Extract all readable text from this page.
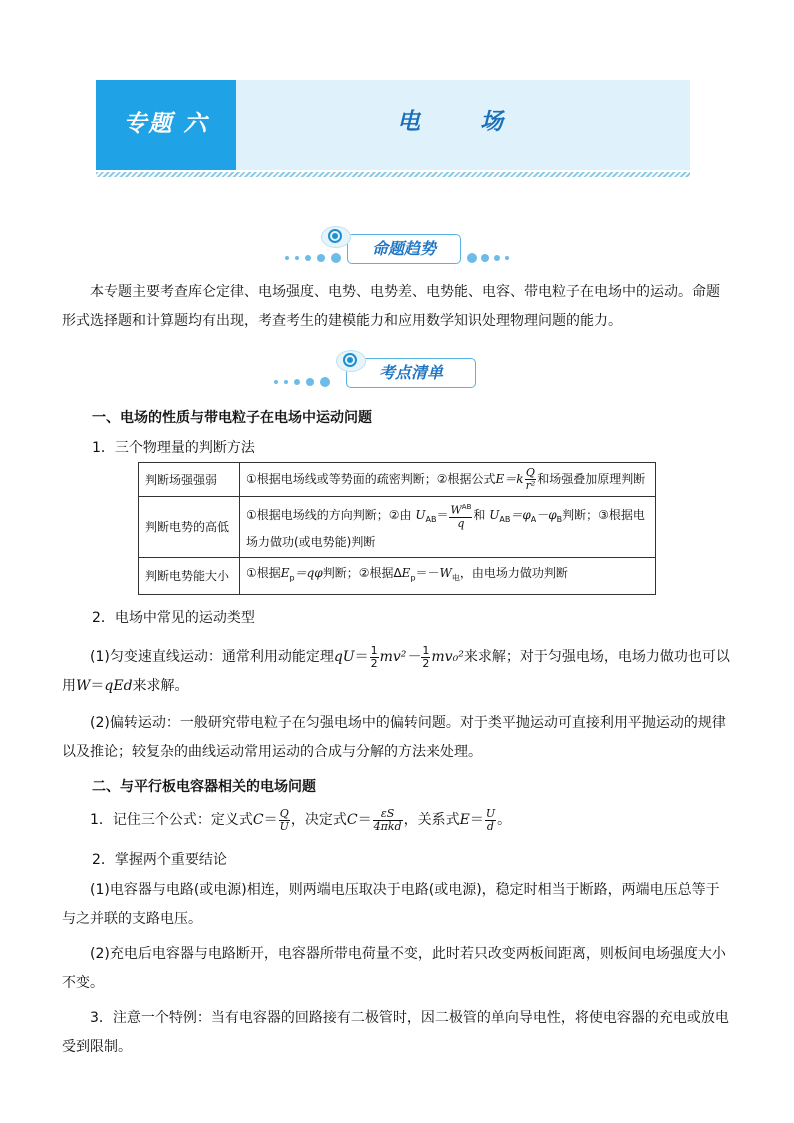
专题 六	电 场
命题趋势

本专题主要考查库仑定律、电场强度、电势、电势差、电势能、电容、带电粒子在电场中的运动。命题形式选择题和计算题均有出现，考查考生的建模能力和应用数学知识处理物理问题的能力。

考点清单
一、电场的性质与带电粒子在电场中运动问题
1．三个物理量的判断方法
判断场强强弱	①根据电场线或等势面的疏密判断；②根据公式$E=k \frac{Q}{\text{r²}}$ 和场强叠加原理判断
判断电势的高低	①根据电场线的方向判断；②由 $U_{AB}= \frac{W^{AB}}{q}$ 和 $U_{AB}=\varphi_A-\varphi_B$判断；③根据电场力做功(或电势能)判断
判断电势能大小	①根据$E_p=q\varphi$判断；②根据$\Delta E_p=-W_电$，由电场力做功判断
2．电场中常见的运动类型

(1)匀变速直线运动：通常利用动能定理$qU= \frac{1}{2} mv^2- \frac{1}{2} mv_0^2$来求解；对于匀强电场，电场力做功也可以用W＝qEd来求解。

(2)偏转运动：一般研究带电粒子在匀强电场中的偏转问题。对于类平抛运动可直接利用平抛运动的规律以及推论；较复杂的曲线运动常用运动的合成与分解的方法来处理。

二、与平行板电容器相关的电场问题

1．记住三个公式：定义式$C= \frac{Q}{U}$ ，决定式$C= \frac{\varepsilon S}{\text{4πkd}}$ ，关系式$E= \frac{U}{d}$ 。

2．掌握两个重要结论

(1)电容器与电路(或电源)相连，则两端电压取决于电路(或电源)，稳定时相当于断路，两端电压总等于与之并联的支路电压。

(2)充电后电容器与电路断开，电容器所带电荷量不变，此时若只改变两板间距离，则板间电场强度大小不变。

3．注意一个特例：当有电容器的回路接有二极管时，因二极管的单向导电性，将使电容器的充电或放电受到限制。
